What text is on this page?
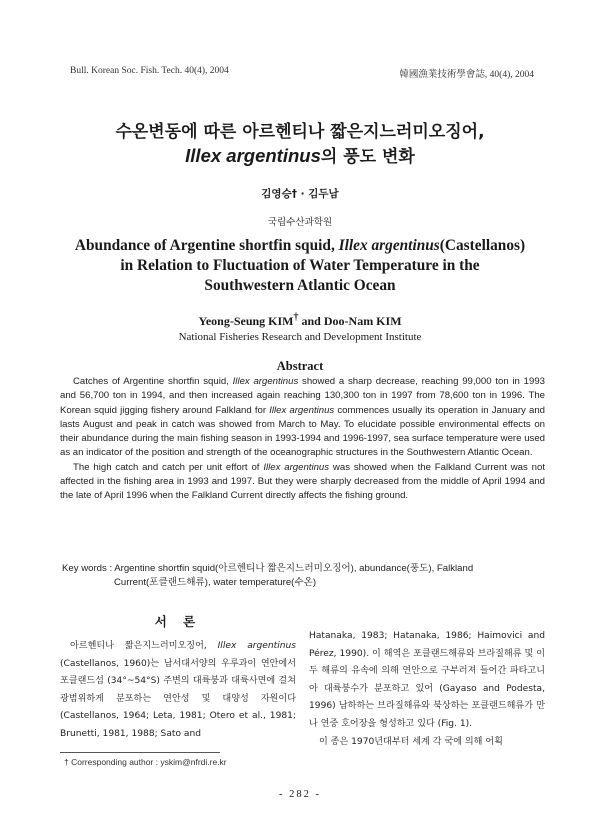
Bull. Korean Soc. Fish. Tech. 40(4), 2004	韓國漁業技術學會誌, 40(4), 2004
수온변동에 따른 아르헨티나 짧은지느러미오징어,
Illex argentinus의 풍도 변화
김영승† · 김두남
국립수산과학원
Abundance of Argentine shortfin squid, Illex argentinus(Castellanos)
in Relation to Fluctuation of Water Temperature in the
Southwestern Atlantic Ocean
Yeong-Seung KIM† and Doo-Nam KIM
National Fisheries Research and Development Institute
Abstract

Catches of Argentine shortfin squid, Illex argentinus showed a sharp decrease, reaching 99,000 ton in 1993 and 56,700 ton in 1994, and then increased again reaching 130,300 ton in 1997 from 78,600 ton in 1996. The Korean squid jigging fishery around Falkland for Illex argentinus commences usually its operation in January and lasts August and peak in catch was showed from March to May. To elucidate possible environmental effects on their abundance during the main fishing season in 1993-1994 and 1996-1997, sea surface temperature were used as an indicator of the position and strength of the oceanographic structures in the Southwestern Atlantic Ocean.

The high catch and catch per unit effort of Illex argentinus was showed when the Falkland Current was not affected in the fishing area in 1993 and 1997. But they were sharply decreased from the middle of April 1994 and the late of April 1996 when the Falkland Current directly affects the fishing ground.

Key words : Argentine shortfin squid(아르헨티나 짧은지느러미오징어), abundance(풍도), Falkland
Current(포클랜드해류), water temperature(수온)
서 론

아르헨티나 짧은지느러미오징어, Illex argentinus (Castellanos, 1960)는 남서대서양의 우루과이 연안에서 포클랜드섬 (34°~54°S) 주변의 대륙붕과 대륙사면에 걸쳐 광범위하게 분포하는 연안성 및 대양성 자원이다 (Castellanos, 1964; Leta, 1981; Otero et al., 1981; Brunetti, 1981, 1988; Sato and

Hatanaka, 1983; Hatanaka, 1986; Haimovici and Pérez, 1990). 이 해역은 포클랜드해류와 브라질해류 및 이 두 해류의 유속에 의해 연안으로 구부러져 들어간 파타고니아 대륙붕수가 분포하고 있어 (Gayaso and Podesta, 1996) 남하하는 브라질해류와 북상하는 포클랜드해류가 만나 연중 호어장을 형성하고 있다 (Fig. 1).

이 종은 1970년대부터 세계 각 국에 의해 어획

† Corresponding author : yskim@nfrdi.re.kr
- 282 -
